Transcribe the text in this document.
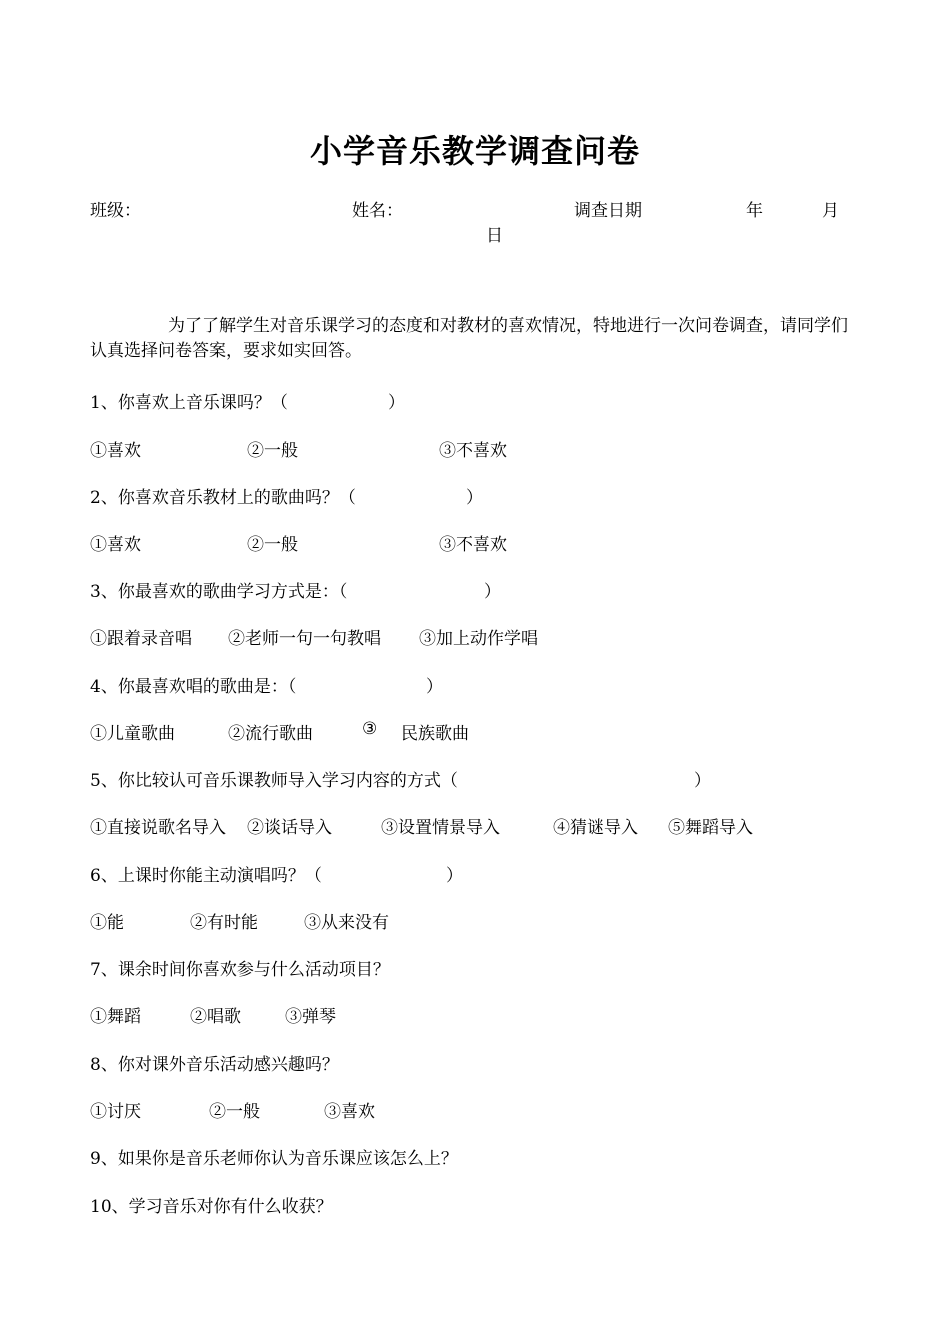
小学音乐教学调查问卷
班级：	姓名：	调查日期	年	月
日

为了了解学生对音乐课学习的态度和对教材的喜欢情况，特地进行一次问卷调查，请同学们认真选择问卷答案，要求如实回答。

1、你喜欢上音乐课吗？（	）
①喜欢	②一般	③不喜欢
2、你喜欢音乐教材上的歌曲吗？（	）
①喜欢	②一般	③不喜欢
3、你最喜欢的歌曲学习方式是：（	）
①跟着录音唱 ②老师一句一句教唱 ③加上动作学唱
4、你最喜欢唱的歌曲是：（	）
①儿童歌曲	②流行歌曲	③ 民族歌曲
5、你比较认可音乐课教师导入学习内容的方式（	）
①直接说歌名导入 ②谈话导入	③设置情景导入	④猜谜导入 ⑤舞蹈导入
6、上课时你能主动演唱吗？（	）
①能	②有时能	③从来没有
7、课余时间你喜欢参与什么活动项目？
①舞蹈	②唱歌	③弹琴
8、你对课外音乐活动感兴趣吗？
①讨厌	②一般	③喜欢
9、如果你是音乐老师你认为音乐课应该怎么上？
10、学习音乐对你有什么收获？
